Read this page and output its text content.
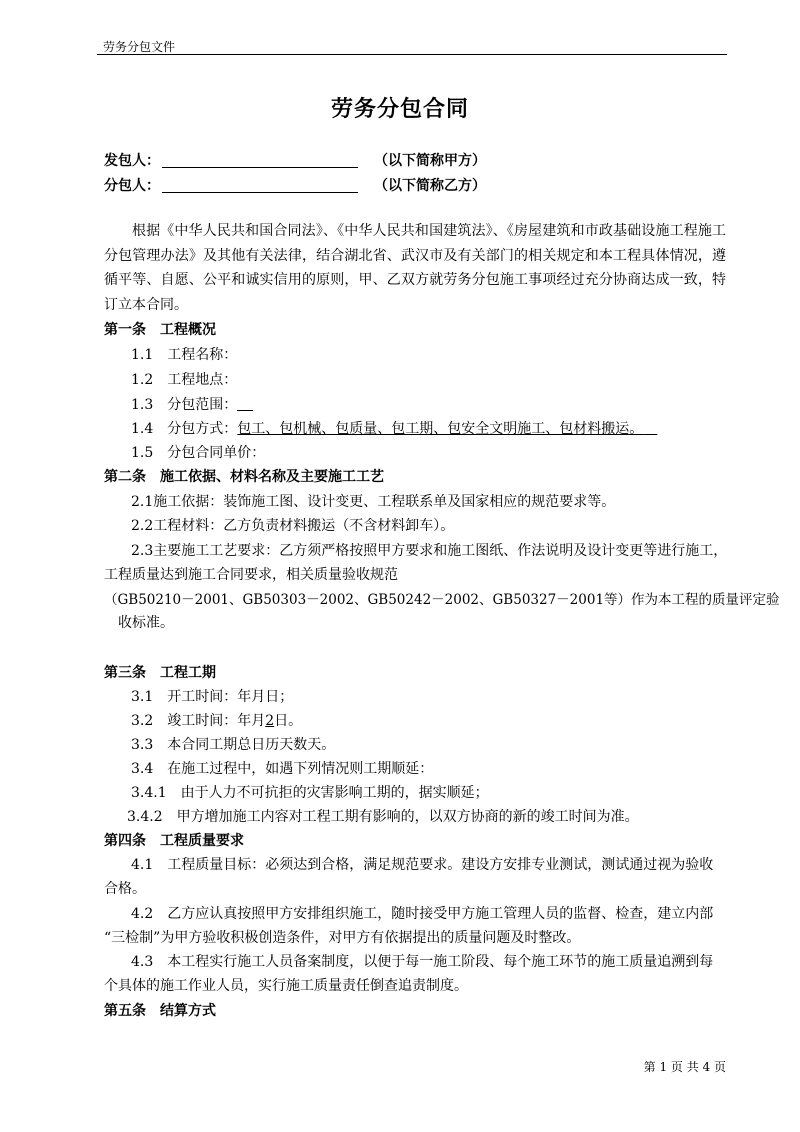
劳务分包文件
劳务分包合同
发包人：	（以下简称甲方）
分包人：	（以下简称乙方）
根据《中华人民共和国合同法》、《中华人民共和国建筑法》、《房屋建筑和市政基础设施工程施工分包管理办法》及其他有关法律，结合湖北省、武汉市及有关部门的相关规定和本工程具体情况，遵循平等、自愿、公平和诚实信用的原则，甲、乙双方就劳务分包施工事项经过充分协商达成一致，特订立本合同。
第一条　工程概况
1.1　工程名称：
1.2　工程地点：
1.3　分包范围：
1.4　分包方式：包工、包机械、包质量、包工期、包安全文明施工、包材料搬运。 
1.5　分包合同单价：
第二条　施工依据、材料名称及主要施工工艺
2.1施工依据：装饰施工图、设计变更、工程联系单及国家相应的规范要求等。
2.2工程材料：乙方负责材料搬运（不含材料卸车）。
2.3主要施工工艺要求：乙方须严格按照甲方要求和施工图纸、作法说明及设计变更等进行施工，
工程质量达到施工合同要求，相关质量验收规范
（GB50210－2001、GB50303－2002、GB50242－2002、GB50327－2001等）作为本工程的质量评定验
收标准。
第三条　工程工期
3.1　开工时间：年月日；
3.2　竣工时间：年月2日。
3.3　本合同工期总日历天数天。
3.4　在施工过程中，如遇下列情况则工期顺延：
3.4.1　由于人力不可抗拒的灾害影响工期的，据实顺延；
3.4.2　甲方增加施工内容对工程工期有影响的，以双方协商的新的竣工时间为准。
第四条　工程质量要求
4.1　工程质量目标：必须达到合格，满足规范要求。建设方安排专业测试，测试通过视为验收
合格。
4.2　乙方应认真按照甲方安排组织施工，随时接受甲方施工管理人员的监督、检查，建立内部
“三检制”为甲方验收积极创造条件，对甲方有依据提出的质量问题及时整改。
4.3　本工程实行施工人员备案制度，以便于每一施工阶段、每个施工环节的施工质量追溯到每
个具体的施工作业人员，实行施工质量责任倒查追责制度。
第五条　结算方式
第 1 页 共 4 页
